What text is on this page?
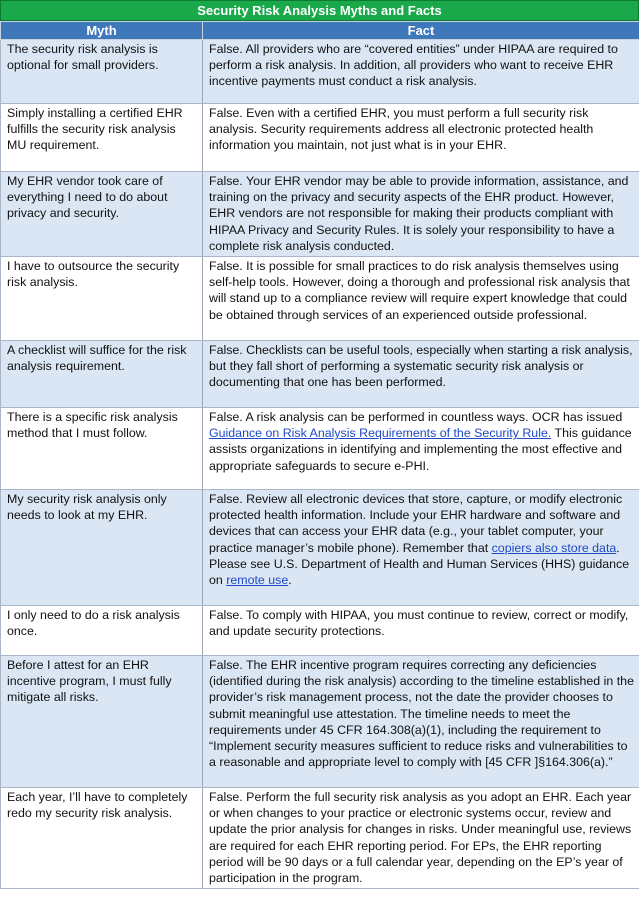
Security Risk Analysis Myths and Facts
Myth	Fact
The security risk analysis is optional for small providers.	False. All providers who are “covered entities” under HIPAA are required to perform a risk analysis. In addition, all providers who want to receive EHR incentive payments must conduct a risk analysis.
Simply installing a certified EHR fulfills the security risk analysis MU requirement.	False. Even with a certified EHR, you must perform a full security risk analysis. Security requirements address all electronic protected health information you maintain, not just what is in your EHR.
My EHR vendor took care of everything I need to do about privacy and security.	False. Your EHR vendor may be able to provide information, assistance, and training on the privacy and security aspects of the EHR product. However, EHR vendors are not responsible for making their products compliant with HIPAA Privacy and Security Rules. It is solely your responsibility to have a complete risk analysis conducted.
I have to outsource the security risk analysis.	False. It is possible for small practices to do risk analysis themselves using self-help tools. However, doing a thorough and professional risk analysis that will stand up to a compliance review will require expert knowledge that could be obtained through services of an experienced outside professional.
A checklist will suffice for the risk analysis requirement.	False. Checklists can be useful tools, especially when starting a risk analysis, but they fall short of performing a systematic security risk analysis or documenting that one has been performed.
There is a specific risk analysis method that I must follow.	False. A risk analysis can be performed in countless ways. OCR has issued Guidance on Risk Analysis Requirements of the Security Rule. This guidance assists organizations in identifying and implementing the most effective and appropriate safeguards to secure e-PHI.
My security risk analysis only needs to look at my EHR.	False. Review all electronic devices that store, capture, or modify electronic protected health information. Include your EHR hardware and software and devices that can access your EHR data (e.g., your tablet computer, your practice manager’s mobile phone). Remember that copiers also store data. Please see U.S. Department of Health and Human Services (HHS) guidance on remote use.
I only need to do a risk analysis once.	False. To comply with HIPAA, you must continue to review, correct or modify, and update security protections.
Before I attest for an EHR incentive program, I must fully mitigate all risks.	False. The EHR incentive program requires correcting any deficiencies (identified during the risk analysis) according to the timeline established in the provider’s risk management process, not the date the provider chooses to submit meaningful use attestation. The timeline needs to meet the requirements under 45 CFR 164.308(a)(1), including the requirement to “Implement security measures sufficient to reduce risks and vulnerabilities to a reasonable and appropriate level to comply with [45 CFR ]§164.306(a).”
Each year, I’ll have to completely redo my security risk analysis.	False. Perform the full security risk analysis as you adopt an EHR. Each year or when changes to your practice or electronic systems occur, review and update the prior analysis for changes in risks. Under meaningful use, reviews are required for each EHR reporting period. For EPs, the EHR reporting period will be 90 days or a full calendar year, depending on the EP’s year of participation in the program.
